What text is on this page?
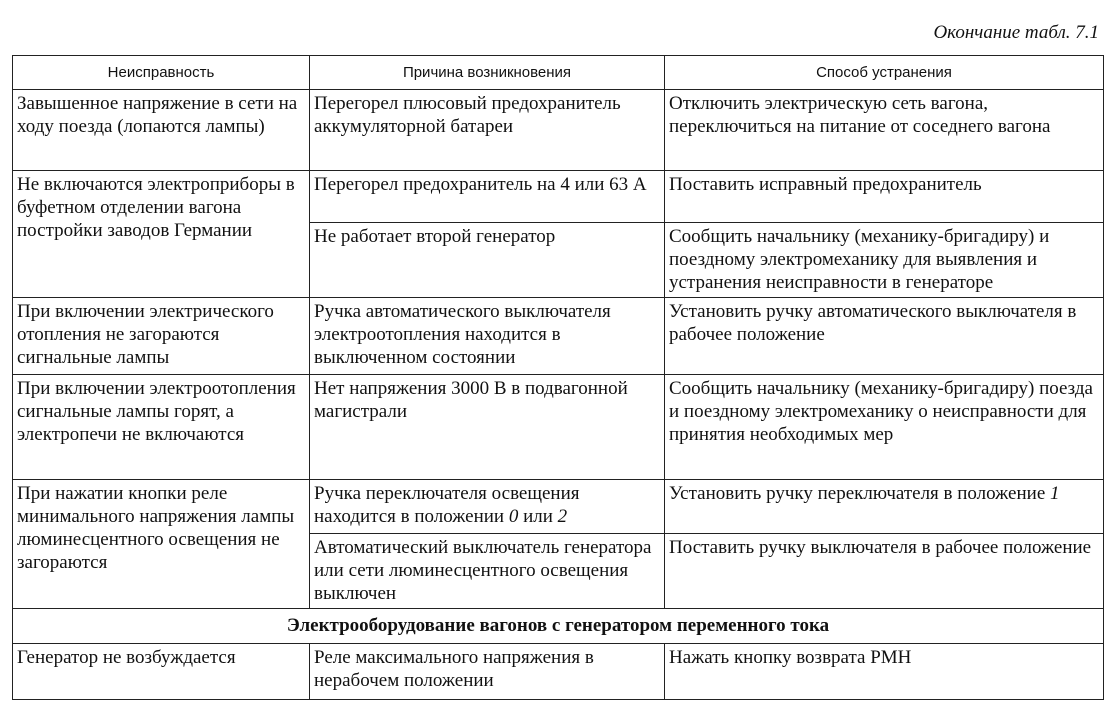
Окончание табл. 7.1
Неисправность	Причина возникновения	Способ устранения
Завышенное напряжение в сети на ходу поезда (лопаются лампы)	Перегорел плюсовый предохранитель аккумуляторной батареи	Отключить электрическую сеть вагона, переключиться на питание от соседнего вагона
Не включаются электроприборы в буфетном отделении вагона постройки заводов Германии	Перегорел предохранитель на 4 или 63 А	Поставить исправный предохранитель
	Не работает второй генератор	Сообщить начальнику (механику-бригадиру) и поездному электромеханику для выявления и устранения неисправности в генераторе
При включении электрического отопления не загораются сигнальные лампы	Ручка автоматического выключателя электроотопления находится в выключенном состоянии	Установить ручку автоматического выключателя в рабочее положение
При включении электроотопления сигнальные лампы горят, а электропечи не включаются	Нет напряжения 3000 В в подвагонной магистрали	Сообщить начальнику (механику-бригадиру) поезда и поездному электромеханику о неисправности для принятия необходимых мер
При нажатии кнопки реле минимального напряжения лампы люминесцентного освещения не загораются	Ручка переключателя освещения находится в положении 0 или 2	Установить ручку переключателя в положение 1
	Автоматический выключатель генератора или сети люминесцентного освещения выключен	Поставить ручку выключателя в рабочее положение
Электрооборудование вагонов с генератором переменного тока		
Генератор не возбуждается	Реле максимального напряжения в нерабочем положении	Нажать кнопку возврата РМН
